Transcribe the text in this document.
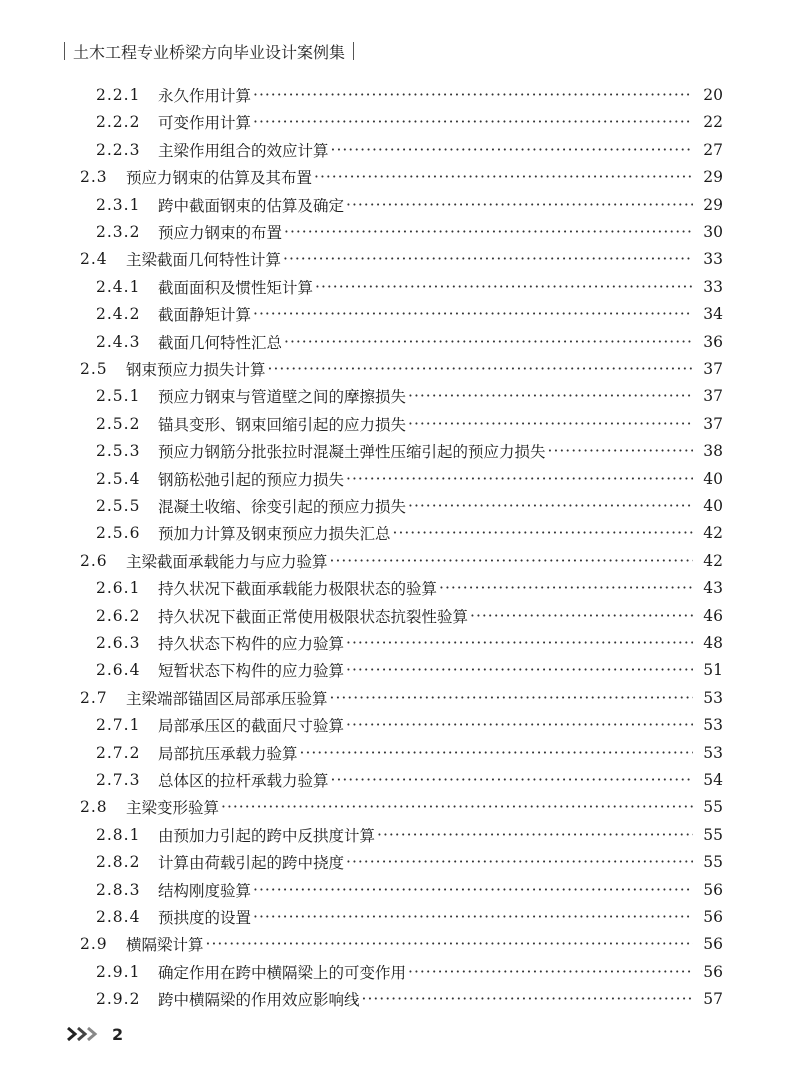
土木工程专业桥梁方向毕业设计案例集
2.2.1	永久作用计算 ·····	20
2.2.2	可变作用计算 ·····	22
2.2.3	主梁作用组合的效应计算 ·····	27
2.3	预应力钢束的估算及其布置 ·····	29
2.3.1	跨中截面钢束的估算及确定 ·····	29
2.3.2	预应力钢束的布置 ·····	30
2.4	主梁截面几何特性计算 ·····	33
2.4.1	截面面积及惯性矩计算 ·····	33
2.4.2	截面静矩计算 ·····	34
2.4.3	截面几何特性汇总 ·····	36
2.5	钢束预应力损失计算 ·····	37
2.5.1	预应力钢束与管道壁之间的摩擦损失 ·····	37
2.5.2	锚具变形、钢束回缩引起的应力损失 ·····	37
2.5.3	预应力钢筋分批张拉时混凝土弹性压缩引起的预应力损失 ·····	38
2.5.4	钢筋松弛引起的预应力损失 ·····	40
2.5.5	混凝土收缩、徐变引起的预应力损失 ·····	40
2.5.6	预加力计算及钢束预应力损失汇总 ·····	42
2.6	主梁截面承载能力与应力验算 ·····	42
2.6.1	持久状况下截面承载能力极限状态的验算 ·····	43
2.6.2	持久状况下截面正常使用极限状态抗裂性验算 ·····	46
2.6.3	持久状态下构件的应力验算 ·····	48
2.6.4	短暂状态下构件的应力验算 ·····	51
2.7	主梁端部锚固区局部承压验算 ·····	53
2.7.1	局部承压区的截面尺寸验算 ·····	53
2.7.2	局部抗压承载力验算 ·····	53
2.7.3	总体区的拉杆承载力验算 ·····	54
2.8	主梁变形验算 ·····	55
2.8.1	由预加力引起的跨中反拱度计算 ·····	55
2.8.2	计算由荷载引起的跨中挠度 ·····	55
2.8.3	结构刚度验算 ·····	56
2.8.4	预拱度的设置 ·····	56
2.9	横隔梁计算 ·····	56
2.9.1	确定作用在跨中横隔梁上的可变作用 ·····	56
2.9.2	跨中横隔梁的作用效应影响线 ·····	57
2
